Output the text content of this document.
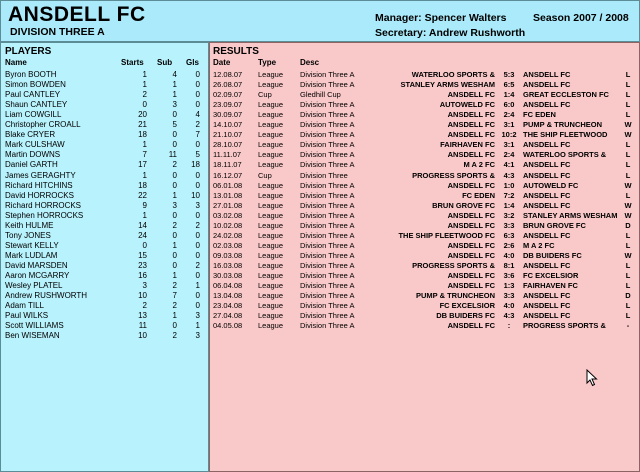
ANSDELL FC
DIVISION THREE A
Manager: Spencer Walters
Secretary: Andrew Rushworth
Season 2007 / 2008
PLAYERS
Name	Starts Sub Gls
Byron BOOTH	1	4	0
Simon BOWDEN	1	1	0
Paul CANTLEY	2	1	0
Shaun CANTLEY	0	3	0
Liam COWGILL	20	0	4
Christopher CROALL	21	5	2
Blake CRYER	18	0	7
Mark CULSHAW	1	0	0
Martin DOWNS	7	11	5
Daniel GARTH	17	2	18
James GERAGHTY	1	0	0
Richard HITCHINS	18	0	0
David HORROCKS	22	1	10
Richard HORROCKS	9	3	3
Stephen HORROCKS	1	0	0
Keith HULME	14	2	2
Tony JONES	24	0	0
Stewart KELLY	0	1	0
Mark LUDLAM	15	0	0
David MARSDEN	23	0	2
Aaron MCGARRY	16	1	0
Wesley PLATEL	3	2	1
Andrew RUSHWORTH	10	7	0
Adam TILL	2	2	0
Paul WILKS	13	1	3
Scott WILLIAMS	11	0	1
Ben WISEMAN	10	2	3
RESULTS
Date	Type	Desc
12.08.07 League Division Three A	WATERLOO SPORTS &	5:3	ANSDELL FC	L
26.08.07 League Division Three A	STANLEY ARMS WESHAM	6:5	ANSDELL FC	L
02.09.07 Cup	Gledhill Cup	ANSDELL FC	1:4	GREAT ECCLESTON FC	L
23.09.07 League Division Three A	AUTOWELD FC	6:0	ANSDELL FC	L
30.09.07 League Division Three A	ANSDELL FC	2:4	FC EDEN	L
14.10.07 League Division Three A	ANSDELL FC	3:1	PUMP & TRUNCHEON	W
21.10.07 League Division Three A	ANSDELL FC 10:2 THE SHIP FLEETWOOD	W
28.10.07 League Division Three A	FAIRHAVEN FC	3:1	ANSDELL FC	L
11.11.07 League Division Three A	ANSDELL FC	2:4	WATERLOO SPORTS &	L
18.11.07 League Division Three A	M A 2 FC	4:1	ANSDELL FC	L
16.12.07 Cup	Division Three	PROGRESS SPORTS &	4:3	ANSDELL FC	L
06.01.08 League Division Three A	ANSDELL FC	1:0	AUTOWELD FC	W
13.01.08 League Division Three A	FC EDEN	7:2	ANSDELL FC	L
27.01.08 League Division Three A	BRUN GROVE FC	1:4	ANSDELL FC	W
03.02.08 League Division Three A	ANSDELL FC	3:2	STANLEY ARMS WESHAM W
10.02.08 League Division Three A	ANSDELL FC	3:3	BRUN GROVE FC	D
24.02.08 League Division Three A	THE SHIP FLEETWOOD FC	6:3	ANSDELL FC	L
02.03.08 League Division Three A	ANSDELL FC	2:6	M A 2 FC	L
09.03.08 League Division Three A	ANSDELL FC	4:0	DB BUIDERS FC	W
16.03.08 League Division Three A	PROGRESS SPORTS &	8:1	ANSDELL FC	L
30.03.08 League Division Three A	ANSDELL FC	3:6	FC EXCELSIOR	L
06.04.08 League Division Three A	ANSDELL FC	1:3	FAIRHAVEN FC	L
13.04.08 League Division Three A	PUMP & TRUNCHEON	3:3	ANSDELL FC	D
23.04.08 League Division Three A	FC EXCELSIOR	4:0	ANSDELL FC	L
27.04.08 League Division Three A	DB BUIDERS FC	4:3	ANSDELL FC	L
04.05.08 League Division Three A	ANSDELL FC	:	PROGRESS SPORTS &	-
